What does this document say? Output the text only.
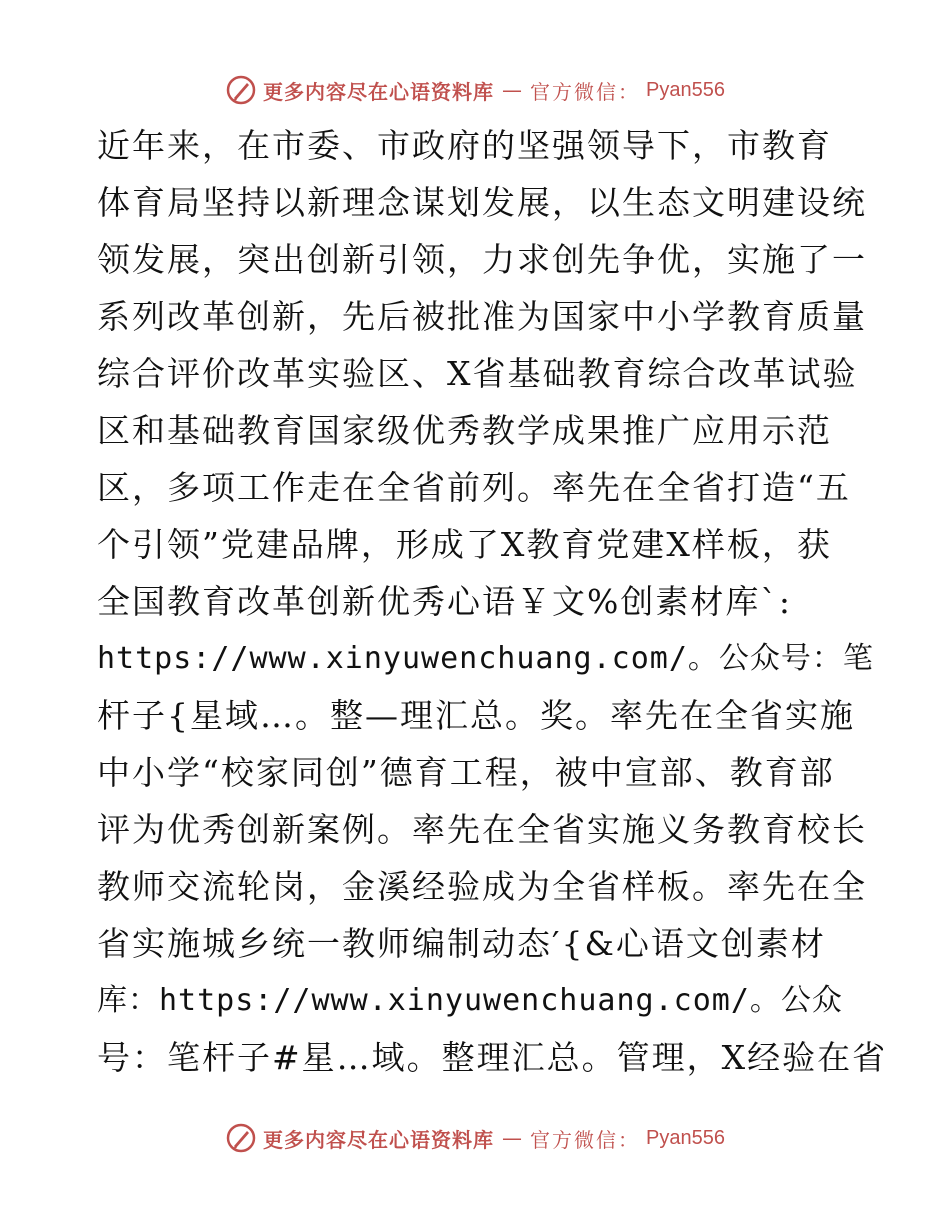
更多内容尽在心语资料库 — 官方微信： Pyan556
近年来，在市委、市政府的坚强领导下，市教育
体育局坚持以新理念谋划发展，以生态文明建设统
领发展，突出创新引领，力求创先争优，实施了一
系列改革创新，先后被批准为国家中小学教育质量
综合评价改革实验区、X省基础教育综合改革试验
区和基础教育国家级优秀教学成果推广应用示范
区，多项工作走在全省前列。率先在全省打造“五
个引领”党建品牌，形成了X教育党建X样板，获
全国教育改革创新优秀心语￥文%创素材库`:
https://www.xinyuwenchuang.com/。公众号：笔
杆子{星域…。整—理汇总。奖。率先在全省实施
中小学“校家同创”德育工程，被中宣部、教育部
评为优秀创新案例。率先在全省实施义务教育校长
教师交流轮岗，金溪经验成为全省样板。率先在全
省实施城乡统一教师编制动态′{&心语文创素材
库：https://www.xinyuwenchuang.com/。公众
号：笔杆子#星…域。整理汇总。管理，X经验在省
更多内容尽在心语资料库 — 官方微信： Pyan556
